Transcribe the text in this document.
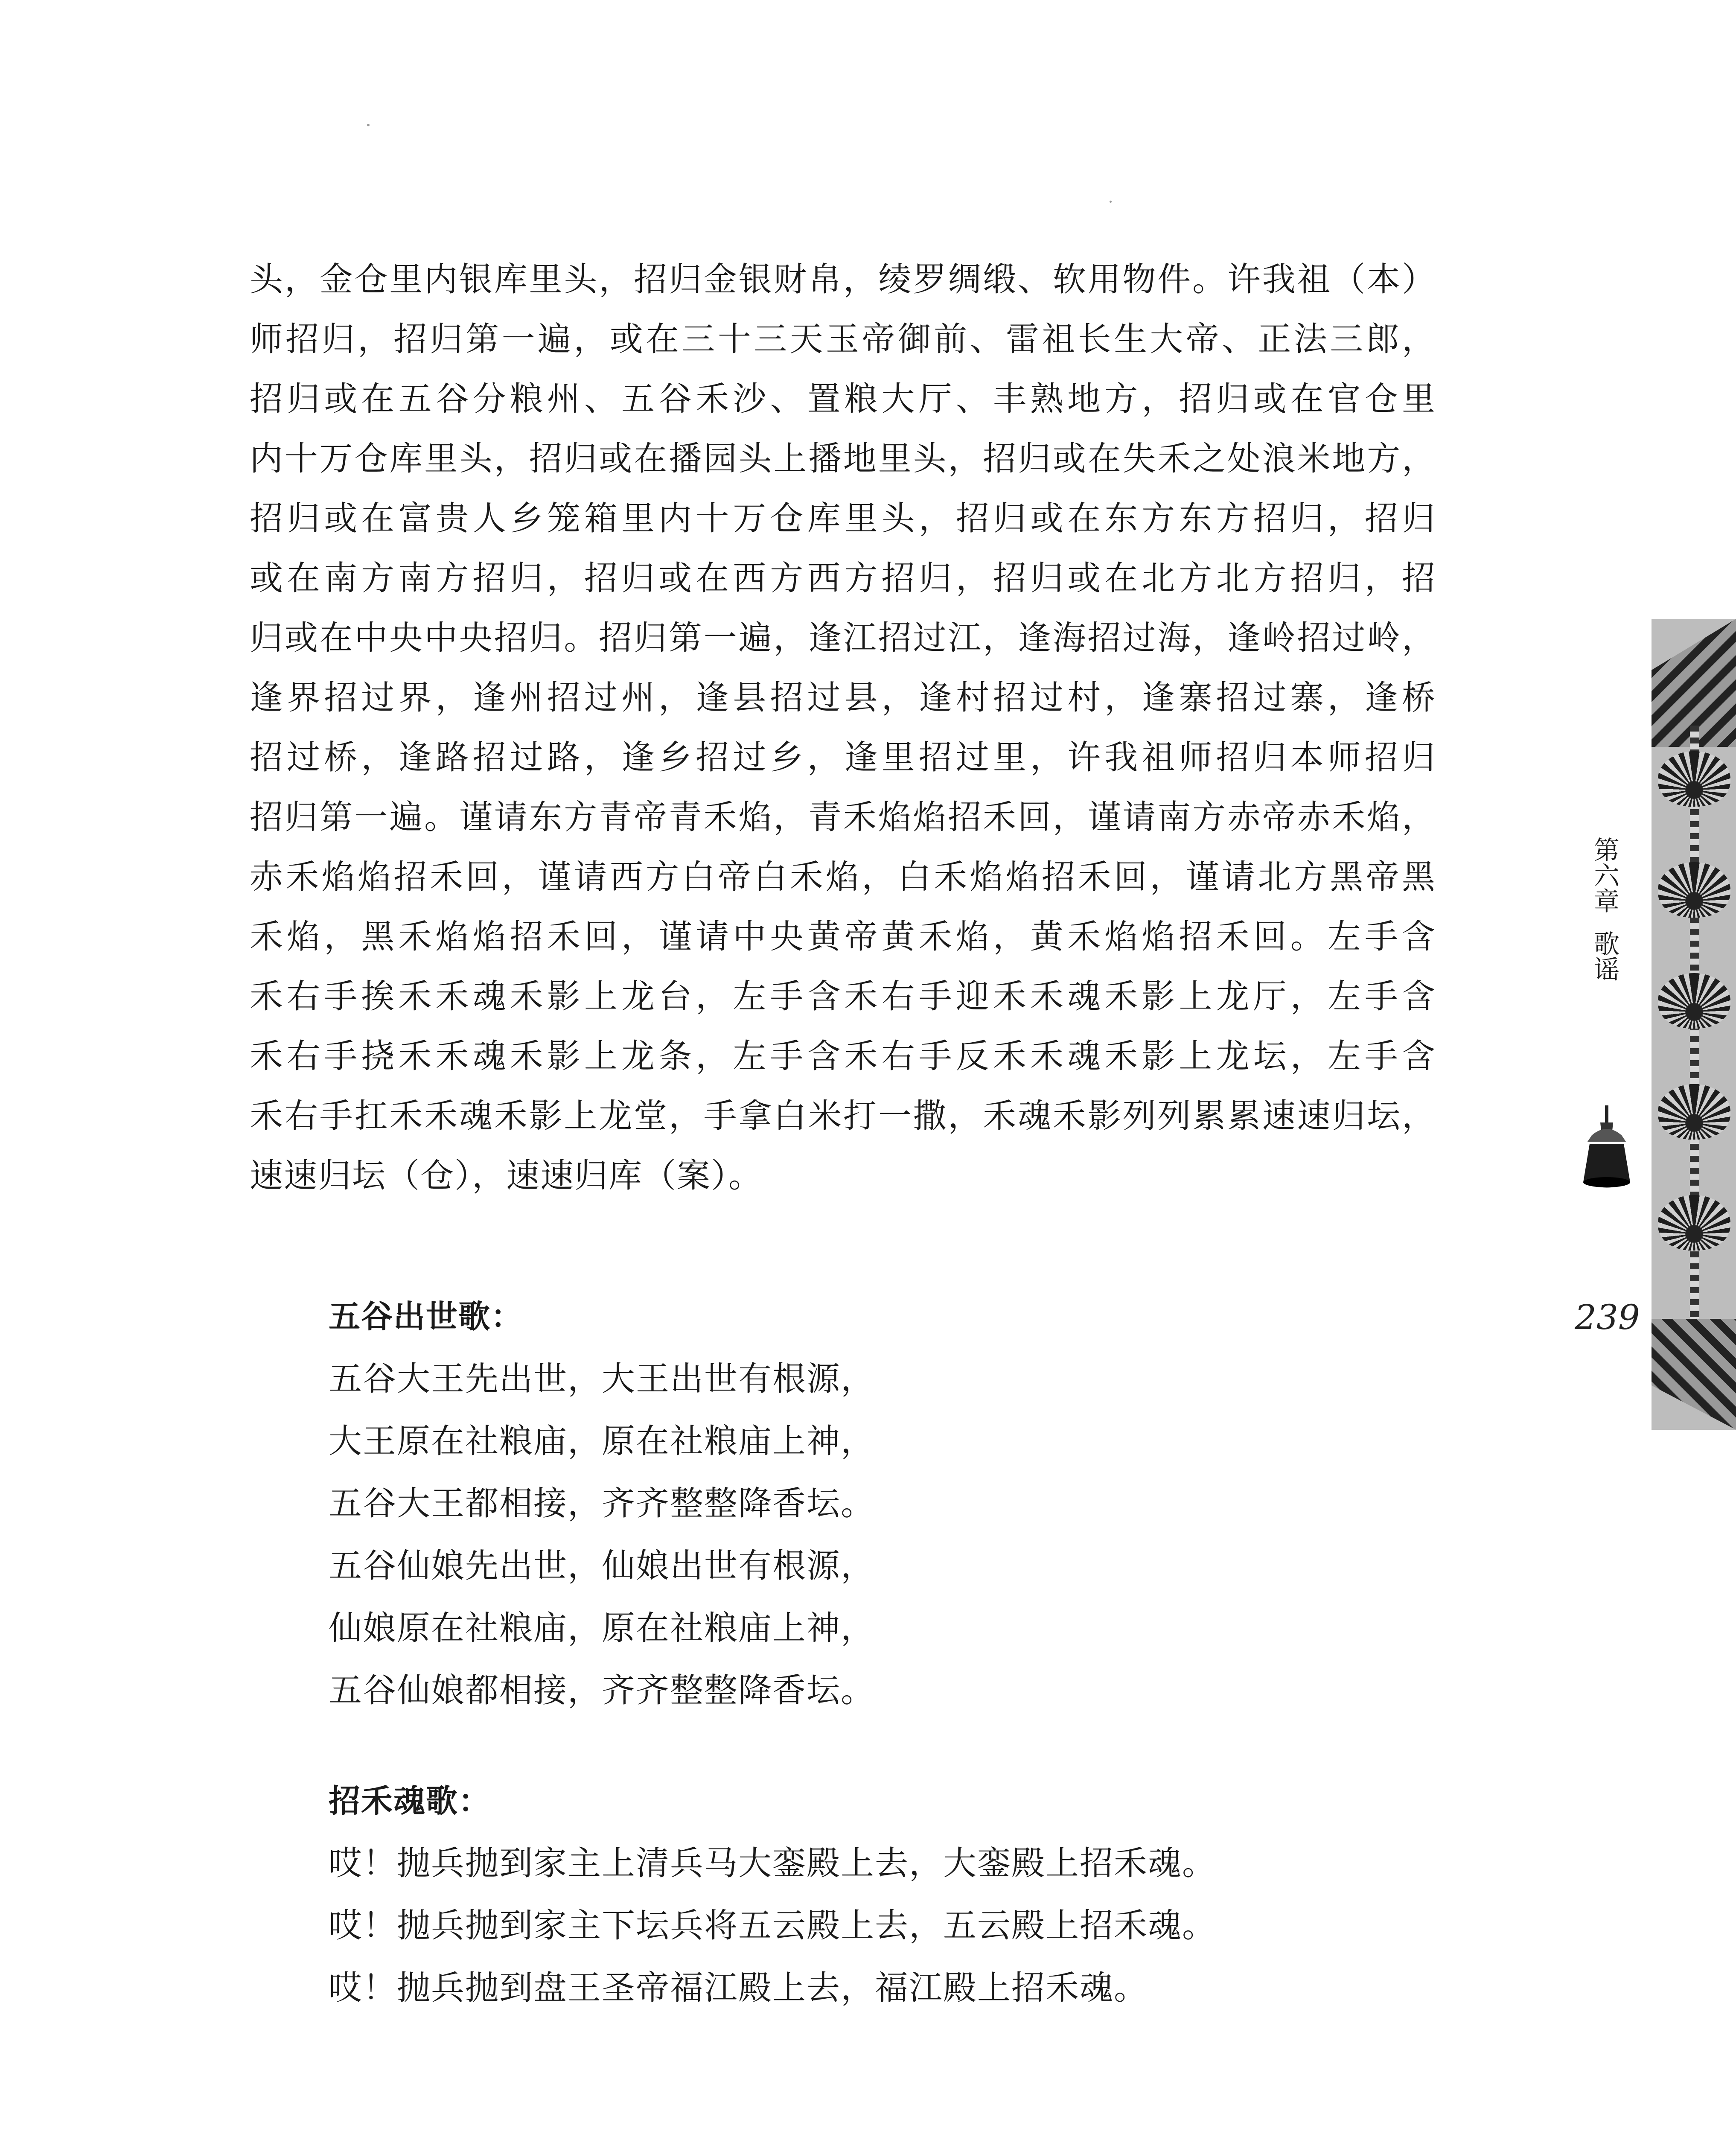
头，金仓里内银库里头，招归金银财帛，绫罗绸缎、软用物件。许我祖（本）
师招归，招归第一遍，或在三十三天玉帝御前、雷祖长生大帝、正法三郎，
招归或在五谷分粮州、五谷禾沙、置粮大厅、丰熟地方，招归或在官仓里
内十万仓库里头，招归或在播园头上播地里头，招归或在失禾之处浪米地方，
招归或在富贵人乡笼箱里内十万仓库里头，招归或在东方东方招归，招归
或在南方南方招归，招归或在西方西方招归，招归或在北方北方招归，招
归或在中央中央招归。招归第一遍，逢江招过江，逢海招过海，逢岭招过岭，
逢界招过界，逢州招过州，逢县招过县，逢村招过村，逢寨招过寨，逢桥
招过桥，逢路招过路，逢乡招过乡，逢里招过里，许我祖师招归本师招归
招归第一遍。谨请东方青帝青禾焰，青禾焰焰招禾回，谨请南方赤帝赤禾焰，
赤禾焰焰招禾回，谨请西方白帝白禾焰，白禾焰焰招禾回，谨请北方黑帝黑
禾焰，黑禾焰焰招禾回，谨请中央黄帝黄禾焰，黄禾焰焰招禾回。左手含
禾右手挨禾禾魂禾影上龙台，左手含禾右手迎禾禾魂禾影上龙厅，左手含
禾右手挠禾禾魂禾影上龙条，左手含禾右手反禾禾魂禾影上龙坛，左手含
禾右手扛禾禾魂禾影上龙堂，手拿白米打一撒，禾魂禾影列列累累速速归坛，
速速归坛（仓），速速归库（案）。
五谷出世歌：

五谷大王先出世，大王出世有根源，

大王原在社粮庙，原在社粮庙上神，

五谷大王都相接，齐齐整整降香坛。

五谷仙娘先出世，仙娘出世有根源，

仙娘原在社粮庙，原在社粮庙上神，

五谷仙娘都相接，齐齐整整降香坛。

招禾魂歌：

哎！抛兵抛到家主上清兵马大銮殿上去，大銮殿上招禾魂。

哎！抛兵抛到家主下坛兵将五云殿上去，五云殿上招禾魂。

哎！抛兵抛到盘王圣帝福江殿上去，福江殿上招禾魂。

第六章
歌谣
239
